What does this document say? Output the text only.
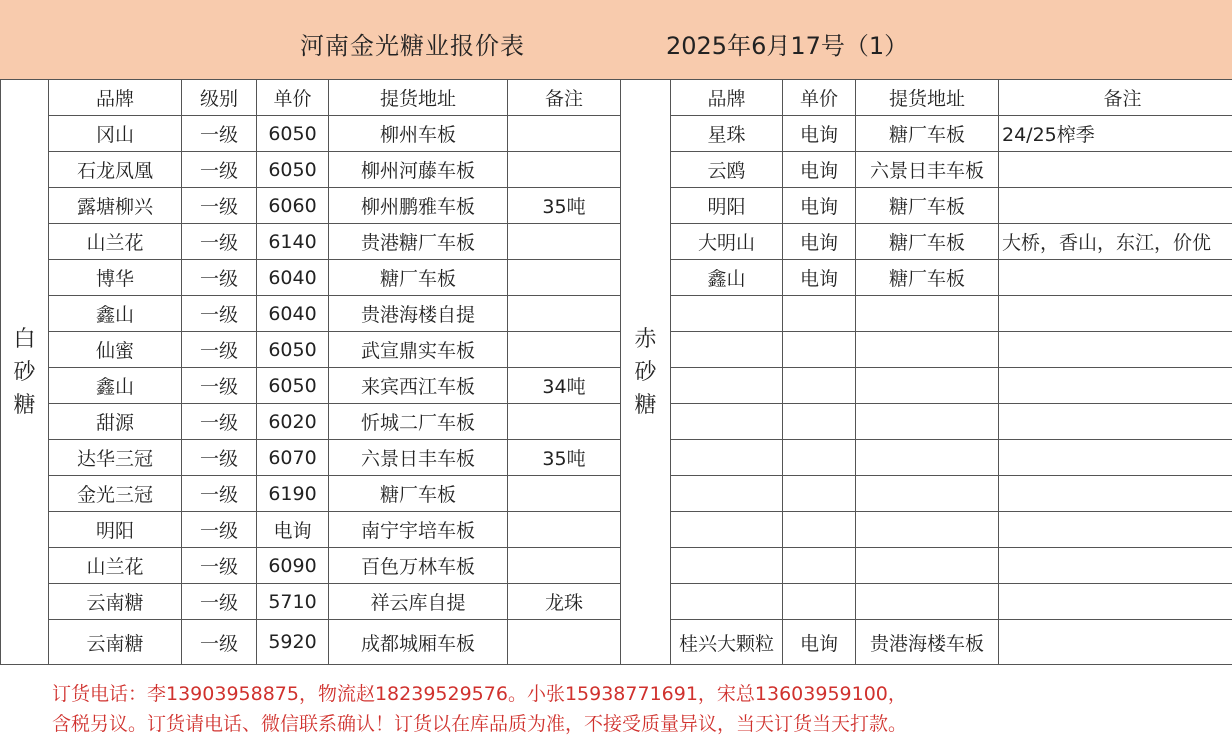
河南金光糖业报价表	2025年6月17号（1）
白砂糖	品牌	级别	单价	提货地址	备注	赤砂糖	品牌	单价	提货地址	备注
	冈山	一级	6050	柳州车板			星珠	电询	糖厂车板	24/25榨季
	石龙凤凰	一级	6050	柳州河藤车板			云鸥	电询	六景日丰车板	
	露塘柳兴	一级	6060	柳州鹏雅车板	35吨		明阳	电询	糖厂车板	
	山兰花	一级	6140	贵港糖厂车板			大明山	电询	糖厂车板	大桥，香山，东江，价优
	博华	一级	6040	糖厂车板			鑫山	电询	糖厂车板	
	鑫山	一级	6040	贵港海楼自提						
	仙蜜	一级	6050	武宣鼎实车板						
	鑫山	一级	6050	来宾西江车板	34吨					
	甜源	一级	6020	忻城二厂车板						
	达华三冠	一级	6070	六景日丰车板	35吨					
	金光三冠	一级	6190	糖厂车板						
	明阳	一级	电询	南宁宇培车板						
	山兰花	一级	6090	百色万林车板						
	云南糖	一级	5710	祥云库自提	龙珠					
	云南糖	一级	5920	成都城厢车板			桂兴大颗粒	电询	贵港海楼车板	
订货电话：李13903958875，物流赵18239529576。小张15938771691，宋总13603959100，
含税另议。订货请电话、微信联系确认！订货以在库品质为准，不接受质量异议，当天订货当天打款。
